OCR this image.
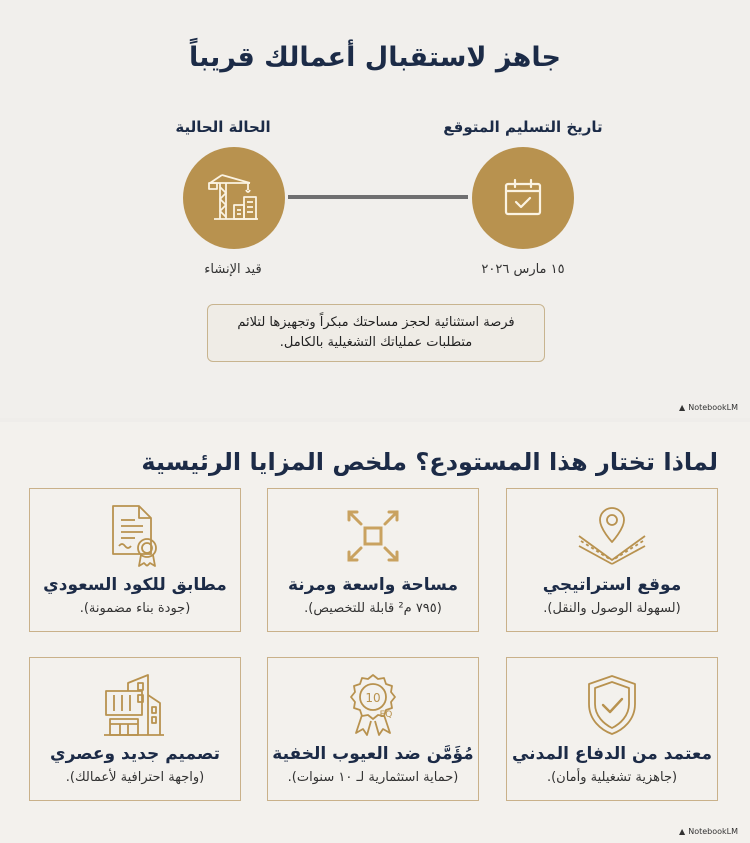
جاهز لاستقبال أعمالك قريباً
تاريخ التسليم المتوقع
الحالة الحالية
١٥ مارس ٢٠٢٦
قيد الإنشاء
فرصة استثنائية لحجز مساحتك مبكراً وتجهيزها لتلائم متطلبات عملياتك التشغيلية بالكامل.
▲ NotebookLM
لماذا تختار هذا المستودع؟ ملخص المزايا الرئيسية
موقع استراتيجي
(لسهولة الوصول والنقل).
مساحة واسعة ومرنة
(٧٩٥ م² قابلة للتخصيص).
مطابق للكود السعودي
(جودة بناء مضمونة).
معتمد من الدفاع المدني
(جاهزية تشغيلية وأمان).
10
EQ
مُؤَمَّن ضد العيوب الخفية
(حماية استثمارية لـ ١٠ سنوات).
تصميم جديد وعصري
(واجهة احترافية لأعمالك).
▲ NotebookLM
